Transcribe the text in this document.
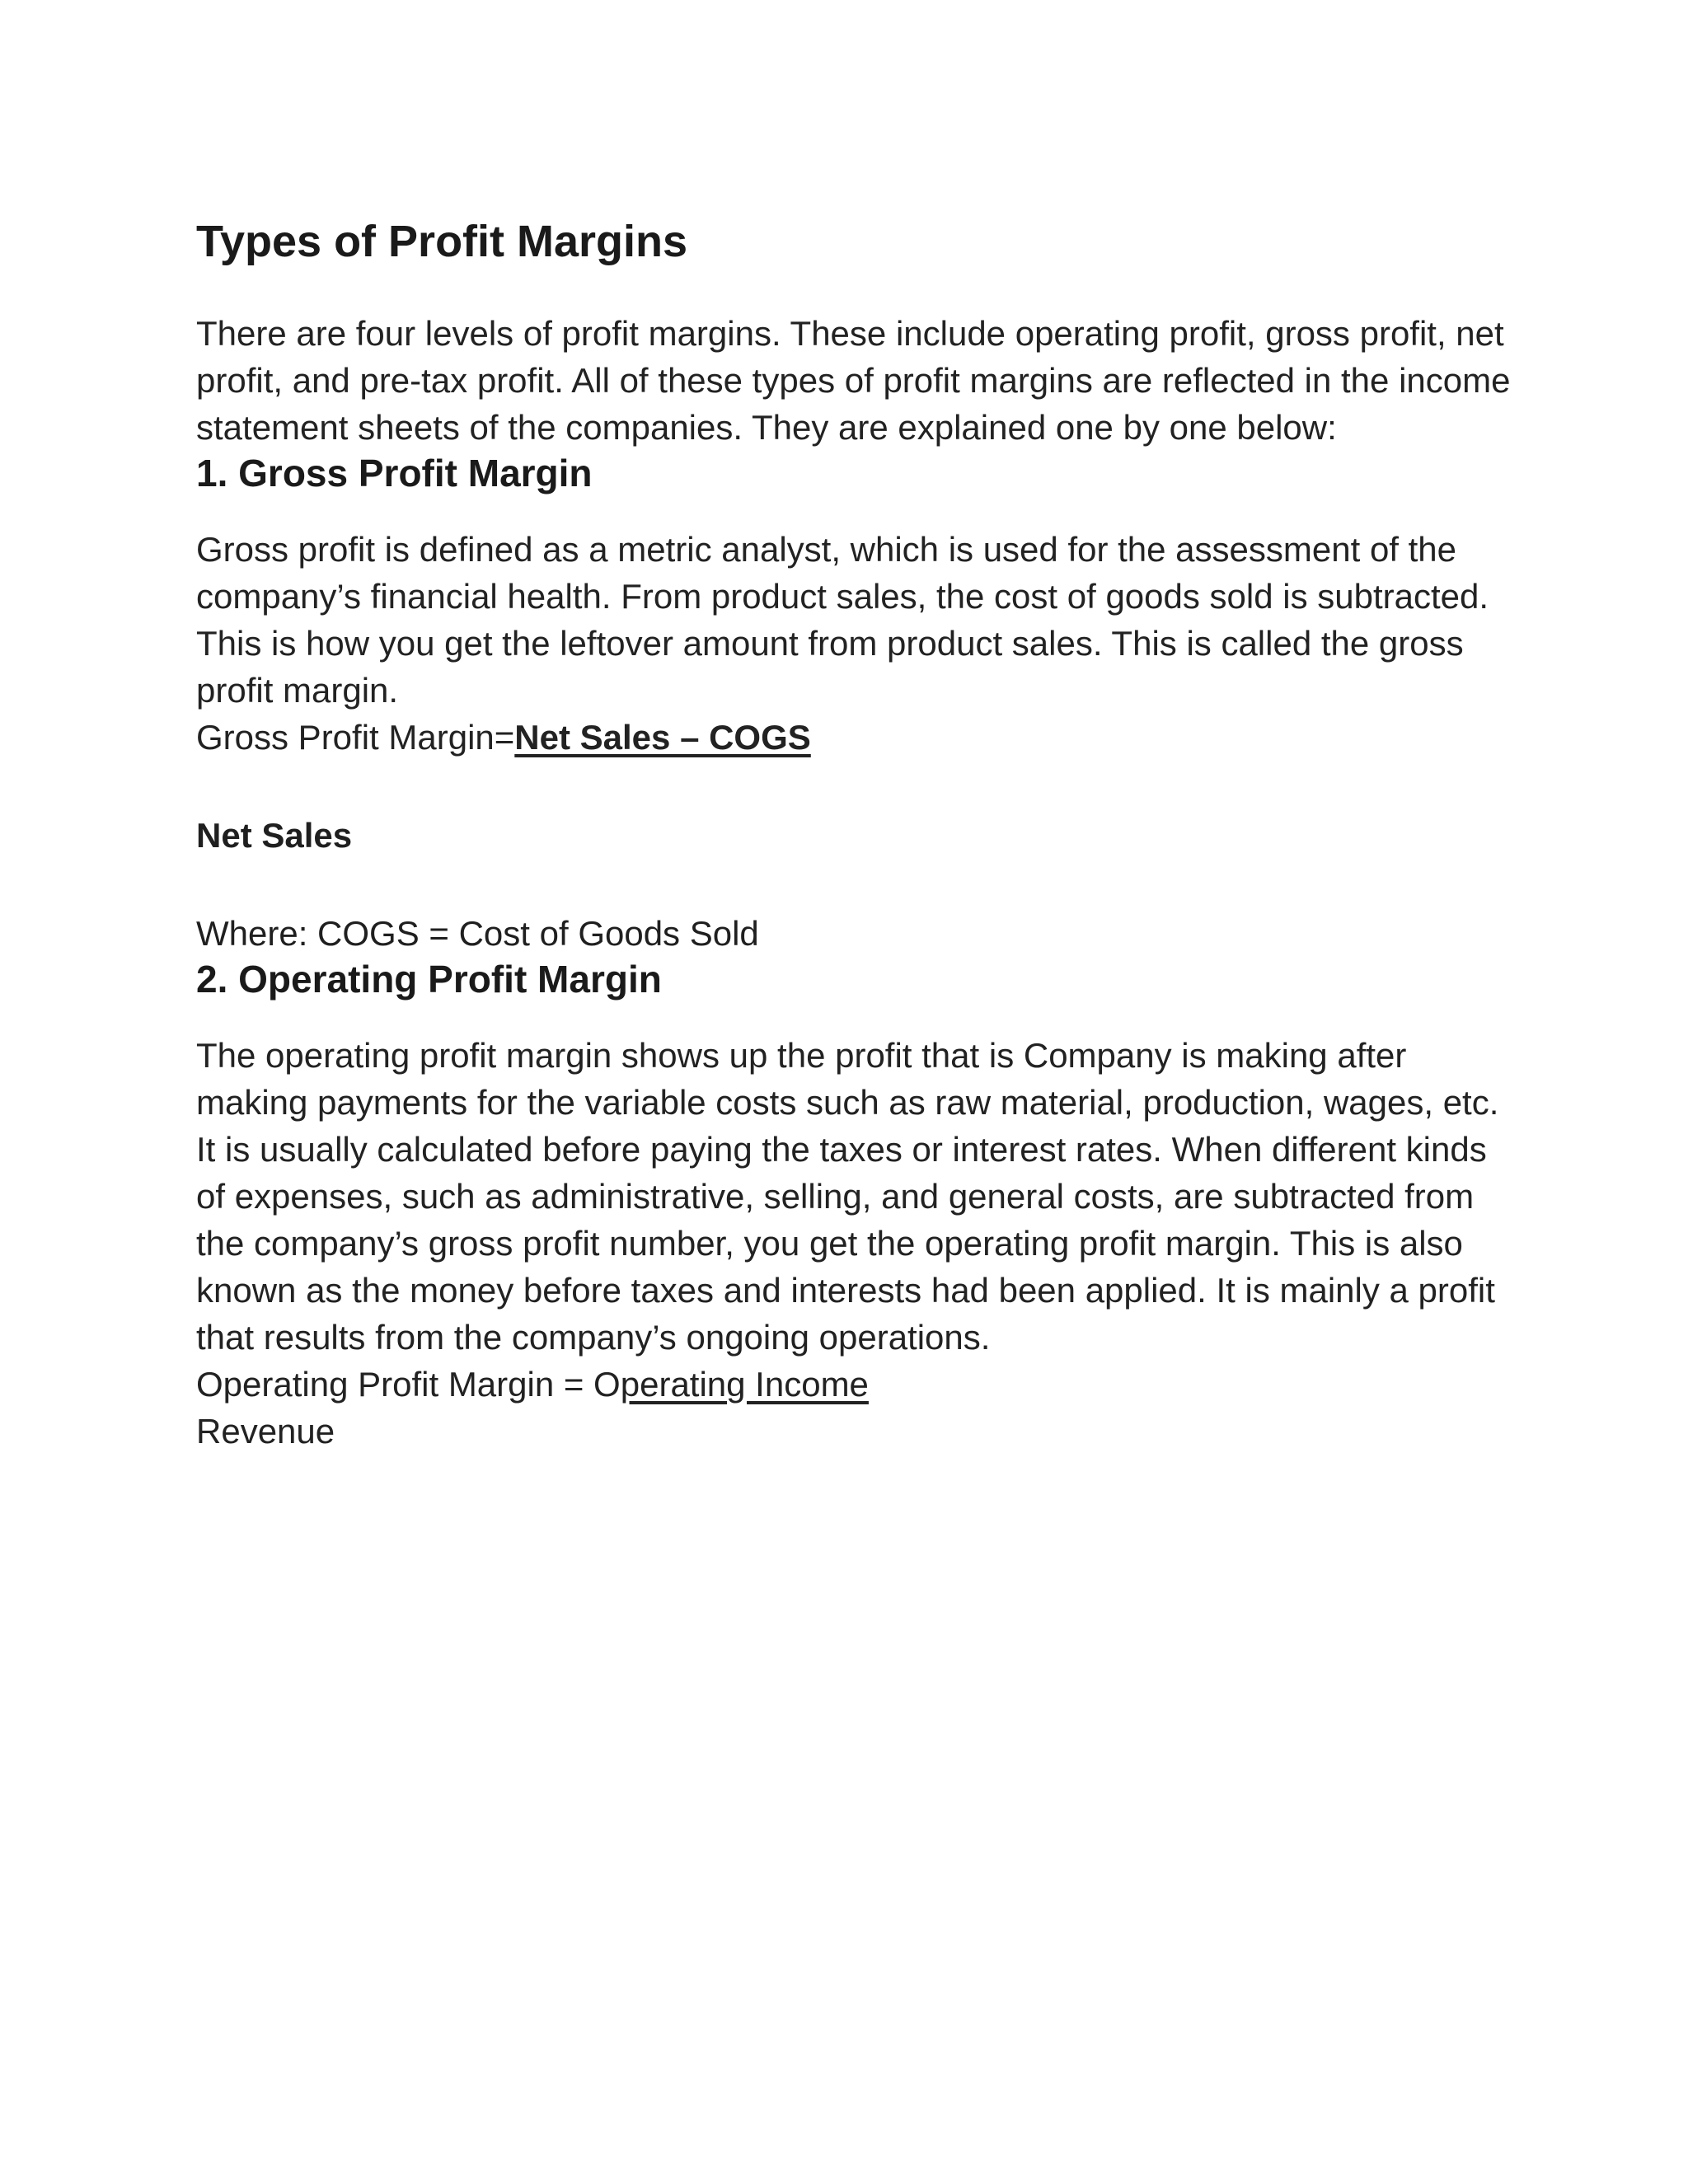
Types of Profit Margins

There are four levels of profit margins. These include operating profit, gross profit, net profit, and pre-tax profit. All of these types of profit margins are reflected in the income statement sheets of the companies. They are explained one by one below:

1. Gross Profit Margin

Gross profit is defined as a metric analyst, which is used for the assessment of the company’s financial health. From product sales, the cost of goods sold is subtracted. This is how you get the leftover amount from product sales. This is called the gross profit margin.

Gross Profit Margin=Net Sales – COGS

Net Sales

Where: COGS = Cost of Goods Sold

2. Operating Profit Margin

The operating profit margin shows up the profit that is Company is making after making payments for the variable costs such as raw material, production, wages, etc. It is usually calculated before paying the taxes or interest rates. When different kinds of expenses, such as administrative, selling, and general costs, are subtracted from the company’s gross profit number, you get the operating profit margin. This is also known as the money before taxes and interests had been applied. It is mainly a profit that results from the company’s ongoing operations.

Operating Profit Margin = Operating Income

Revenue
